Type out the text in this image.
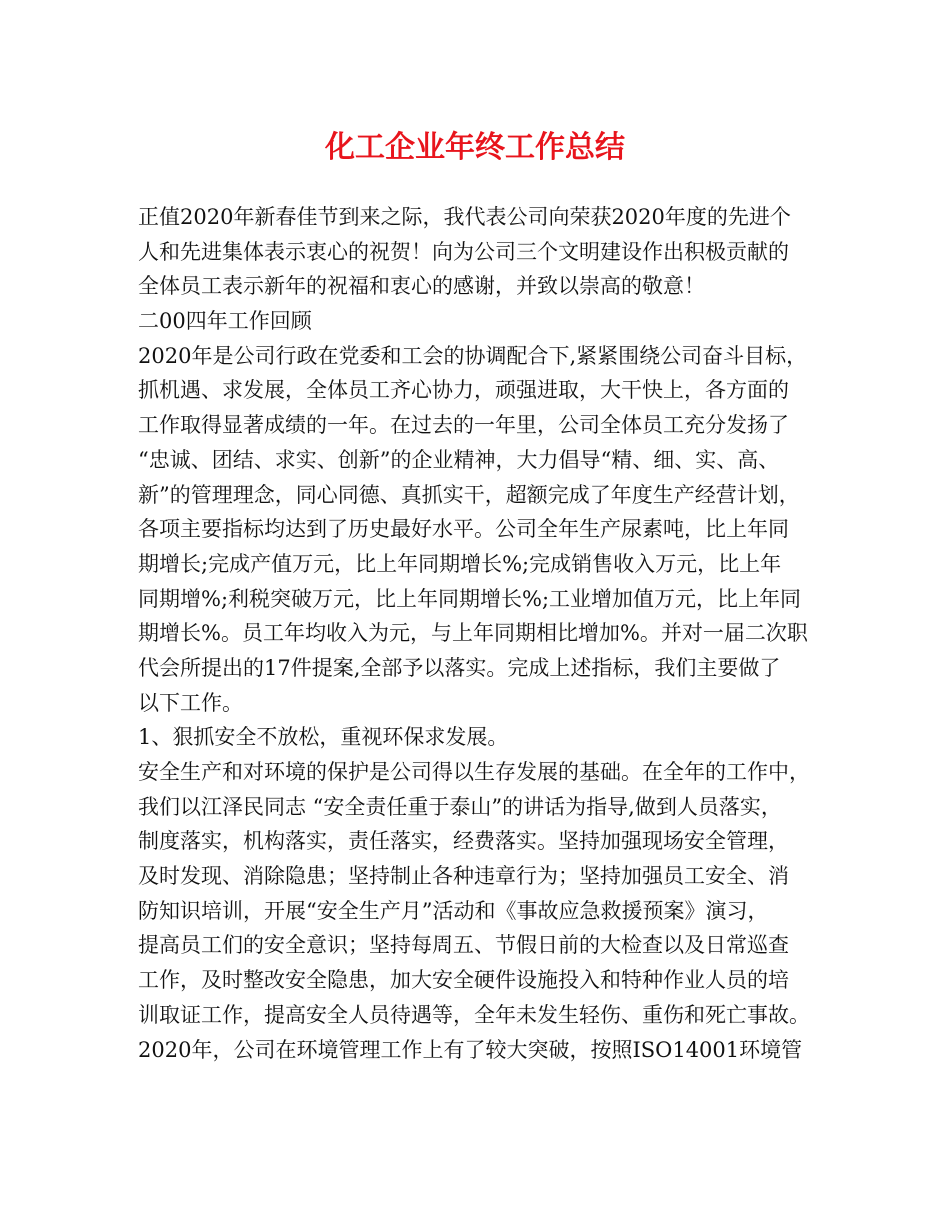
化工企业年终工作总结
正值2020年新春佳节到来之际，我代表公司向荣获2020年度的先进个
人和先进集体表示衷心的祝贺！向为公司三个文明建设作出积极贡献的
全体员工表示新年的祝福和衷心的感谢，并致以崇高的敬意！
二00四年工作回顾
2020年是公司行政在党委和工会的协调配合下,紧紧围绕公司奋斗目标，
抓机遇、求发展，全体员工齐心协力，顽强进取，大干快上，各方面的
工作取得显著成绩的一年。在过去的一年里，公司全体员工充分发扬了
“忠诚、团结、求实、创新”的企业精神，大力倡导“精、细、实、高、
新”的管理理念，同心同德、真抓实干，超额完成了年度生产经营计划，
各项主要指标均达到了历史最好水平。公司全年生产尿素吨，比上年同
期增长;完成产值万元，比上年同期增长%;完成销售收入万元，比上年
同期增%;利税突破万元，比上年同期增长%;工业增加值万元，比上年同
期增长%。员工年均收入为元，与上年同期相比增加%。并对一届二次职
代会所提出的17件提案,全部予以落实。完成上述指标，我们主要做了
以下工作。
1、狠抓安全不放松，重视环保求发展。
安全生产和对环境的保护是公司得以生存发展的基础。在全年的工作中，
我们以江泽民同志 “安全责任重于泰山”的讲话为指导,做到人员落实，
制度落实，机构落实，责任落实，经费落实。坚持加强现场安全管理，
及时发现、消除隐患；坚持制止各种违章行为；坚持加强员工安全、消
防知识培训，开展“安全生产月”活动和《事故应急救援预案》演习，
提高员工们的安全意识；坚持每周五、节假日前的大检查以及日常巡查
工作，及时整改安全隐患，加大安全硬件设施投入和特种作业人员的培
训取证工作，提高安全人员待遇等，全年未发生轻伤、重伤和死亡事故。
2020年，公司在环境管理工作上有了较大突破，按照ISO14001环境管
